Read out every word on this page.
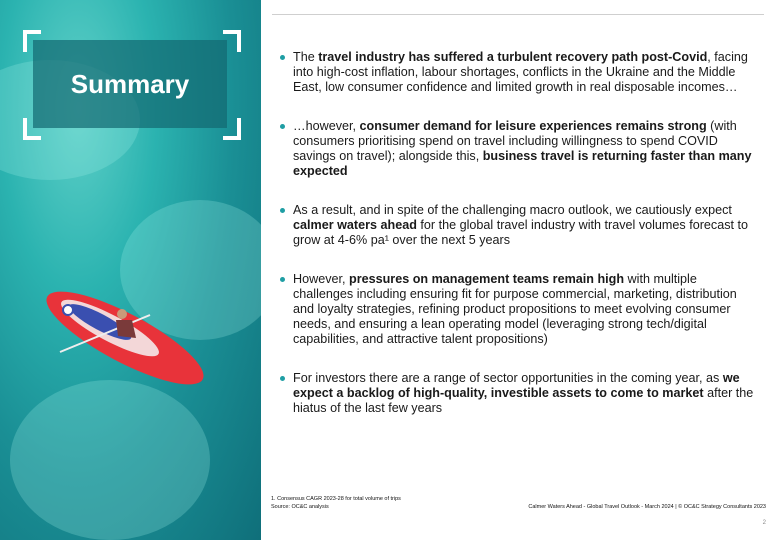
Summary
The travel industry has suffered a turbulent recovery path post-Covid, facing into high-cost inflation, labour shortages, conflicts in the Ukraine and the Middle East, low consumer confidence and limited growth in real disposable incomes…
…however, consumer demand for leisure experiences remains strong (with consumers prioritising spend on travel including willingness to spend COVID savings on travel); alongside this, business travel is returning faster than many expected
As a result, and in spite of the challenging macro outlook, we cautiously expect calmer waters ahead for the global travel industry with travel volumes forecast to grow at 4-6% pa¹ over the next 5 years
However, pressures on management teams remain high with multiple challenges including ensuring fit for purpose commercial, marketing, distribution and loyalty strategies, refining product propositions to meet evolving consumer needs, and ensuring a lean operating model (leveraging strong tech/digital capabilities, and attractive talent propositions)
For investors there are a range of sector opportunities in the coming year, as we expect a backlog of high-quality, investible assets to come to market after the hiatus of the last few years
1. Consensus CAGR 2023-28 for total volume of trips
Source: OC&C analysis	Calmer Waters Ahead - Global Travel Outlook - March 2024 | © OC&C Strategy Consultants 2023
2
